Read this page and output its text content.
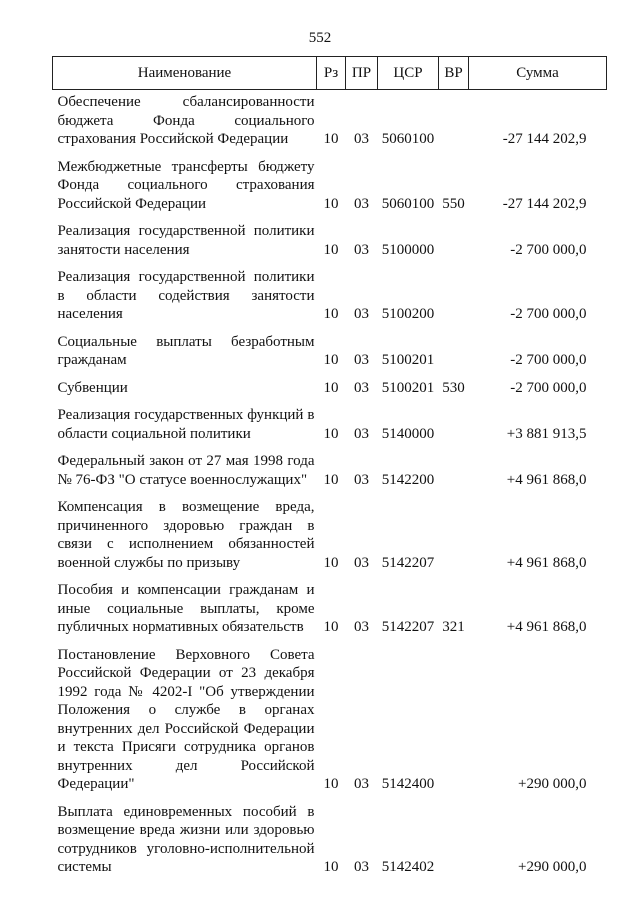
552
Наименование	Рз	ПР	ЦСР	ВР	Сумма
Обеспечение сбалансированности бюджета Фонда социального страхования Российской Федерации	10	03	5060100		-27 144 202,9
Межбюджетные трансферты бюджету Фонда социального страхования Российской Федерации	10	03	5060100	550	-27 144 202,9
Реализация государственной политики занятости населения	10	03	5100000		-2 700 000,0
Реализация государственной политики в области содействия занятости населения	10	03	5100200		-2 700 000,0
Социальные выплаты безработным гражданам	10	03	5100201		-2 700 000,0
Субвенции	10	03	5100201	530	-2 700 000,0
Реализация государственных функций в области социальной политики	10	03	5140000		+3 881 913,5
Федеральный закон от 27 мая 1998 года № 76-ФЗ "О статусе военнослужащих"	10	03	5142200		+4 961 868,0
Компенсация в возмещение вреда, причиненного здоровью граждан в связи с исполнением обязанностей военной службы по призыву	10	03	5142207		+4 961 868,0
Пособия и компенсации гражданам и иные социальные выплаты, кроме публичных нормативных обязательств	10	03	5142207	321	+4 961 868,0
Постановление Верховного Совета Российской Федерации от 23 декабря 1992 года № 4202-I "Об утверждении Положения о службе в органах внутренних дел Российской Федерации и текста Присяги сотрудника органов внутренних дел Российской Федерации"	10	03	5142400		+290 000,0
Выплата единовременных пособий в возмещение вреда жизни или здоровью сотрудников уголовно-исполнительной системы	10	03	5142402		+290 000,0
